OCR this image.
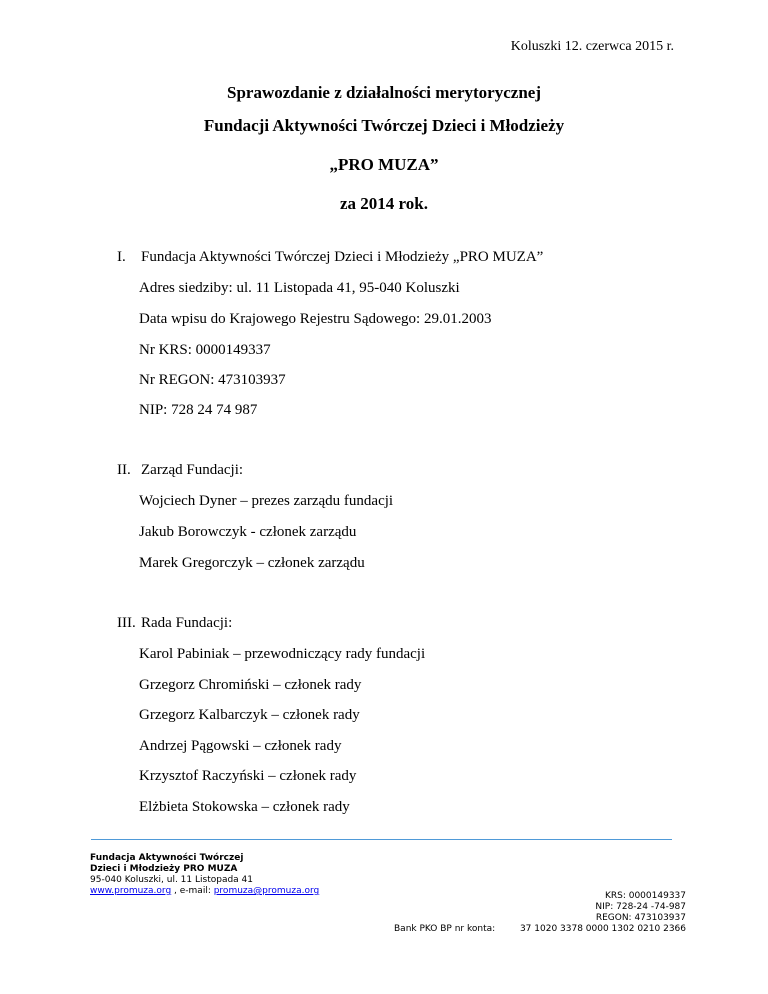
Koluszki 12. czerwca 2015 r.
Sprawozdanie z działalności merytorycznej
Fundacji Aktywności Twórczej Dzieci i Młodzieży
„PRO MUZA”
za 2014 rok.
I. Fundacja Aktywności Twórczej Dzieci i Młodzieży „PRO MUZA”
Adres siedziby: ul. 11 Listopada 41, 95-040 Koluszki
Data wpisu do Krajowego Rejestru Sądowego: 29.01.2003
Nr KRS: 0000149337
Nr REGON: 473103937
NIP: 728 24 74 987
II. Zarząd Fundacji:
Wojciech Dyner – prezes zarządu fundacji
Jakub Borowczyk - członek zarządu
Marek Gregorczyk – członek zarządu
III. Rada Fundacji:
Karol Pabiniak – przewodniczący rady fundacji
Grzegorz Chromiński – członek rady
Grzegorz Kalbarczyk – członek rady
Andrzej Pągowski – członek rady
Krzysztof Raczyński – członek rady
Elżbieta Stokowska – członek rady
Fundacja Aktywności Twórczej
Dzieci i Młodzieży PRO MUZA
95-040 Koluszki, ul. 11 Listopada 41
www.promuza.org , e-mail: promuza@promuza.org	KRS: 0000149337
NIP: 728-24 -74-987
REGON: 473103937
37 1020 3378 0000 1302 0210 2366
Bank PKO BP nr konta:
